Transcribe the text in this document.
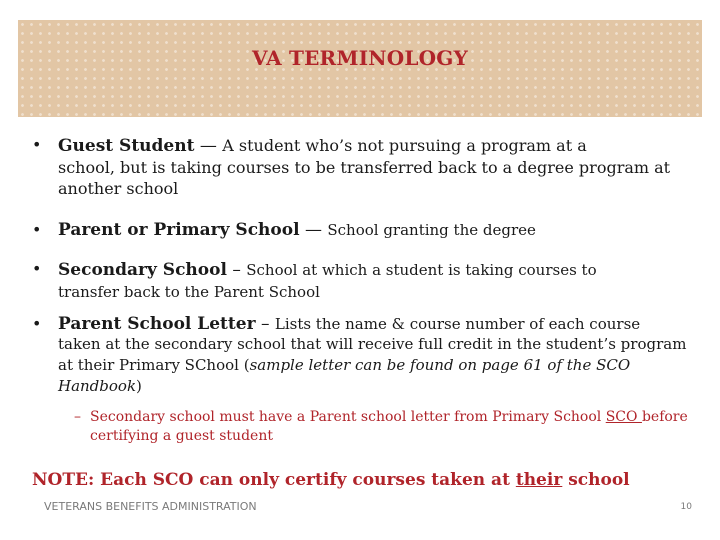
VA TERMINOLOGY
• Guest Student — A student who’s not pursuing a program at a
school, but is taking courses to be transferred back to a degree program at another school
• Parent or Primary School — School granting the degree
• Secondary School – School at which a student is taking courses to
transfer back to the Parent School
• Parent School Letter – Lists the name & course number of each course
taken at the secondary school that will receive full credit in the student’s program at their Primary SChool (sample letter can be found on page 61 of the SCO Handbook)
– Secondary school must have a Parent school letter from Primary School SCO before certifying a guest student
NOTE: Each SCO can only certify courses taken at their school
VETERANS BENEFITS ADMINISTRATION	10
